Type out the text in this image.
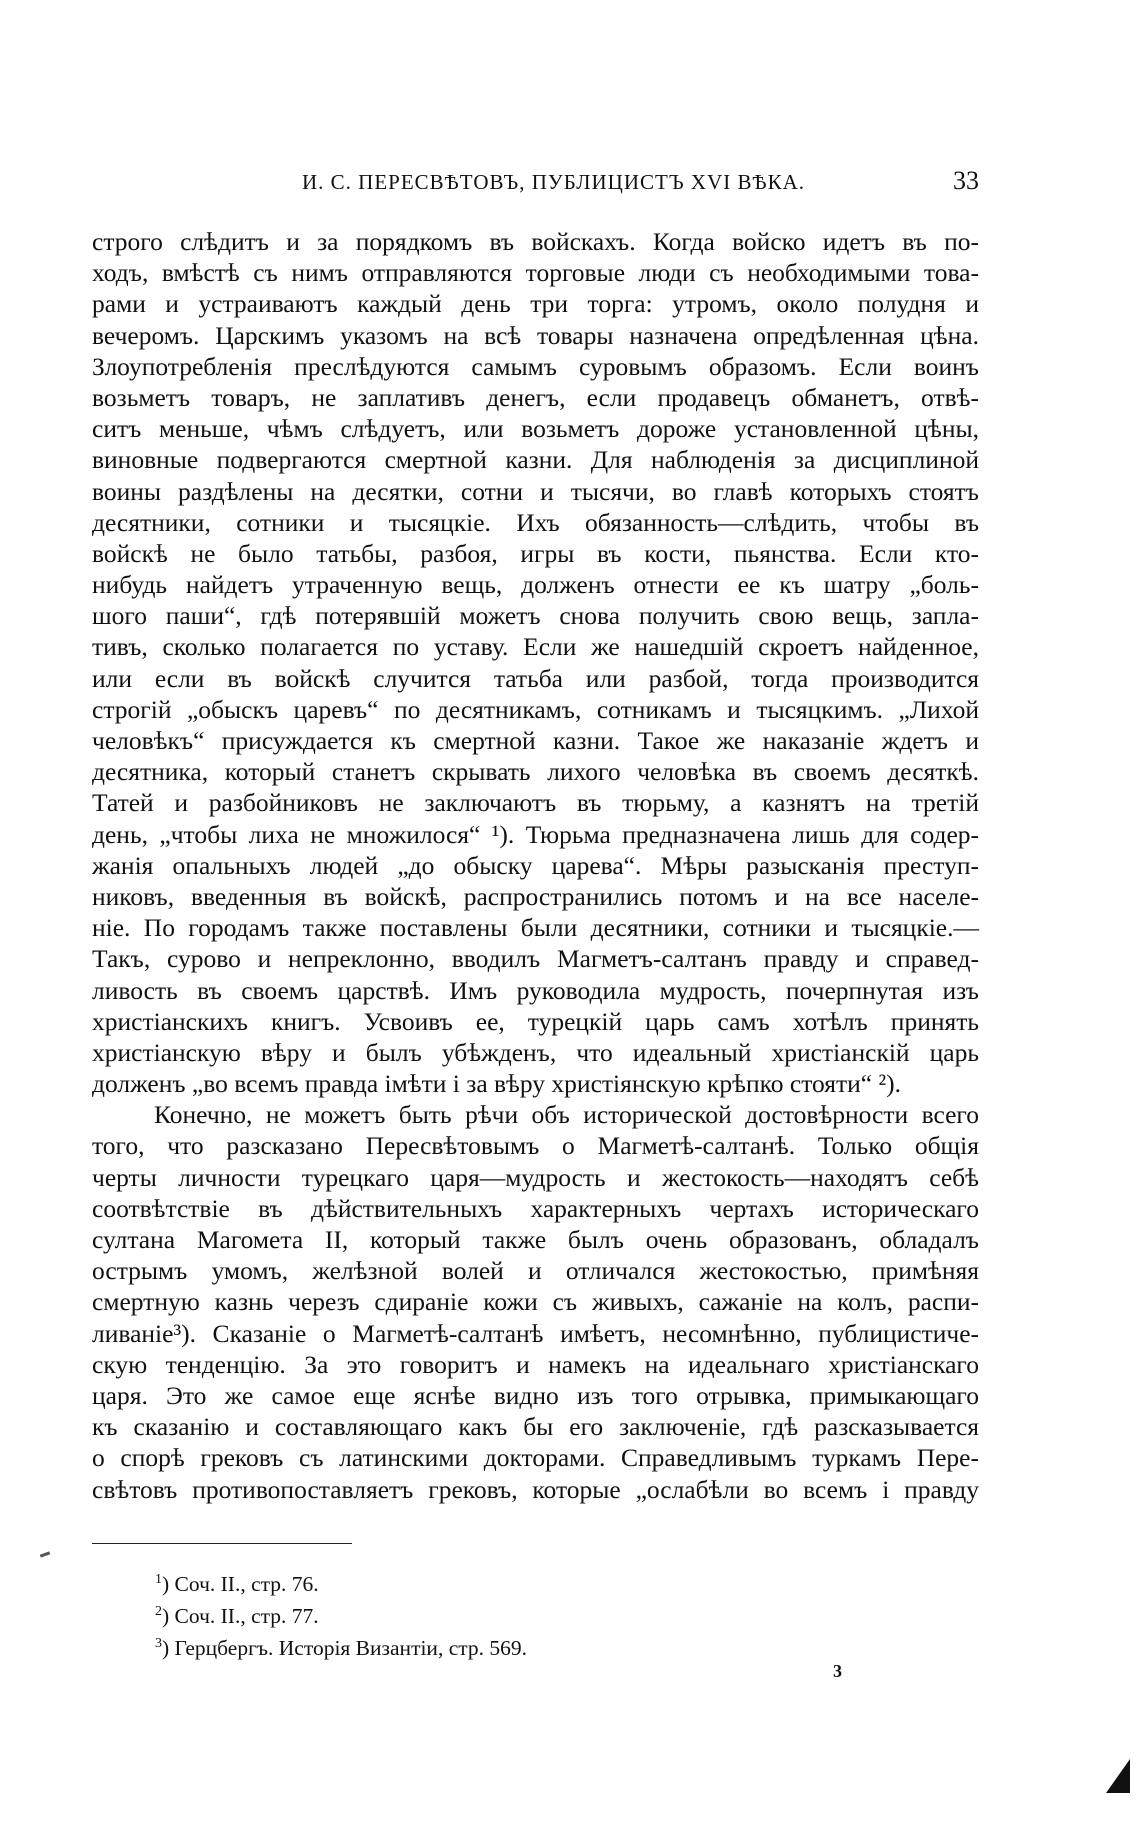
И. С. ПЕРЕСВѢТОВЪ, ПУБЛИЦИСТЪ XVI ВѢКА.	33
строго слѣдитъ и за порядкомъ въ войскахъ. Когда войско идетъ въ по-
ходъ, вмѣстѣ съ нимъ отправляются торговые люди съ необходимыми това-
рами и устраиваютъ каждый день три торга: утромъ, около полудня и
вечеромъ. Царскимъ указомъ на всѣ товары назначена опредѣленная цѣна.
Злоупотребленія преслѣдуются самымъ суровымъ образомъ. Если воинъ
возьметъ товаръ, не заплативъ денегъ, если продавецъ обманетъ, отвѣ-
ситъ меньше, чѣмъ слѣдуетъ, или возьметъ дороже установленной цѣны,
виновные подвергаются смертной казни. Для наблюденія за дисциплиной
воины раздѣлены на десятки, сотни и тысячи, во главѣ которыхъ стоятъ
десятники, сотники и тысяцкіе. Ихъ обязанность—слѣдить, чтобы въ
войскѣ не было татьбы, разбоя, игры въ кости, пьянства. Если кто-
нибудь найдетъ утраченную вещь, долженъ отнести ее къ шатру „боль-
шого паши“, гдѣ потерявшій можетъ снова получить свою вещь, запла-
тивъ, сколько полагается по уставу. Если же нашедшій скроетъ найденное,
или если въ войскѣ случится татьба или разбой, тогда производится
строгій „обыскъ царевъ“ по десятникамъ, сотникамъ и тысяцкимъ. „Лихой
человѣкъ“ присуждается къ смертной казни. Такое же наказаніе ждетъ и
десятника, который станетъ скрывать лихого человѣка въ своемъ десяткѣ.
Татей и разбойниковъ не заключаютъ въ тюрьму, а казнятъ на третій
день, „чтобы лиха не множилося“ ¹). Тюрьма предназначена лишь для содер-
жанія опальныхъ людей „до обыску царева“. Мѣры разысканія преступ-
никовъ, введенныя въ войскѣ, распространились потомъ и на все населе-
ніе. По городамъ также поставлены были десятники, сотники и тысяцкіе.—
Такъ, сурово и непреклонно, вводилъ Магметъ-салтанъ правду и справед-
ливость въ своемъ царствѣ. Имъ руководила мудрость, почерпнутая изъ
христіанскихъ книгъ. Усвоивъ ее, турецкій царь самъ хотѣлъ принять
христіанскую вѣру и былъ убѣжденъ, что идеальный христіанскій царь
долженъ „во всемъ правда імѣти і за вѣру христіянскую крѣпко стояти“ ²).
Конечно, не можетъ быть рѣчи объ исторической достовѣрности всего
того, что разсказано Пересвѣтовымъ о Магметѣ-салтанѣ. Только общія
черты личности турецкаго царя—мудрость и жестокость—находятъ себѣ
соотвѣтствіе въ дѣйствительныхъ характерныхъ чертахъ историческаго
султана Магомета II, который также былъ очень образованъ, обладалъ
острымъ умомъ, желѣзной волей и отличался жестокостью, примѣняя
смертную казнь черезъ сдираніе кожи съ живыхъ, сажаніе на колъ, распи-
ливаніе³). Сказаніе о Магметѣ-салтанѣ имѣетъ, несомнѣнно, публицистиче-
скую тенденцію. За это говоритъ и намекъ на идеальнаго христіанскаго
царя. Это же самое еще яснѣе видно изъ того отрывка, примыкающаго
къ сказанію и составляющаго какъ бы его заключеніе, гдѣ разсказывается
о спорѣ грековъ съ латинскими докторами. Справедливымъ туркамъ Пере-
свѣтовъ противопоставляетъ грековъ, которые „ослабѣли во всемъ і правду
$^1$) Соч. II., стр. 76.
$^2$) Соч. II., стр. 77.
$^3$) Герцбергъ. Исторія Византіи, стр. 569.
3
